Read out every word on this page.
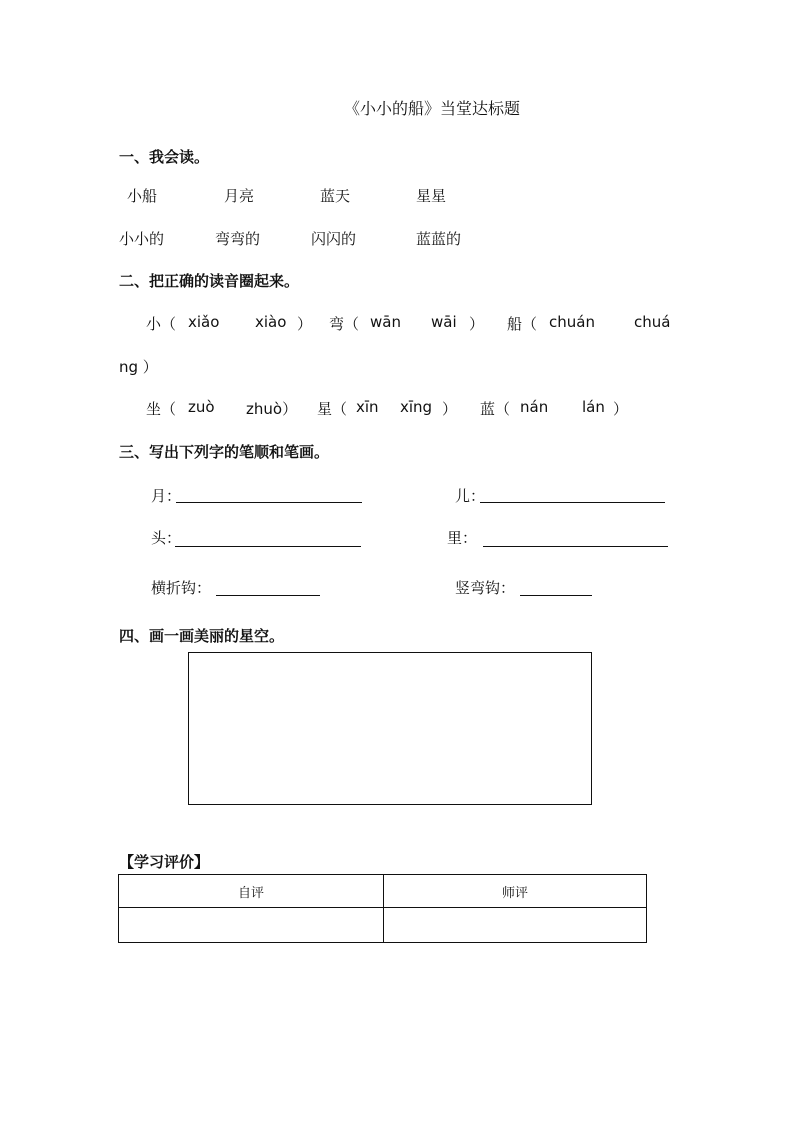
《小小的船》当堂达标题
一、我会读。
小船	月亮	蓝天	星星
小小的	弯弯的	闪闪的	蓝蓝的
二、把正确的读音圈起来。
小（ xiǎo xiào ） 弯（ wān wāi ） 船（ chuán	chuá
ng ）
坐（ zuò zhuò） 星（ xīn xīng ） 蓝（ nán lán ）
三、写出下列字的笔顺和笔画。
月：	儿：
头：	里：
横折钩：	竖弯钩：
四、画一画美丽的星空。
【学习评价】
自评	师评
